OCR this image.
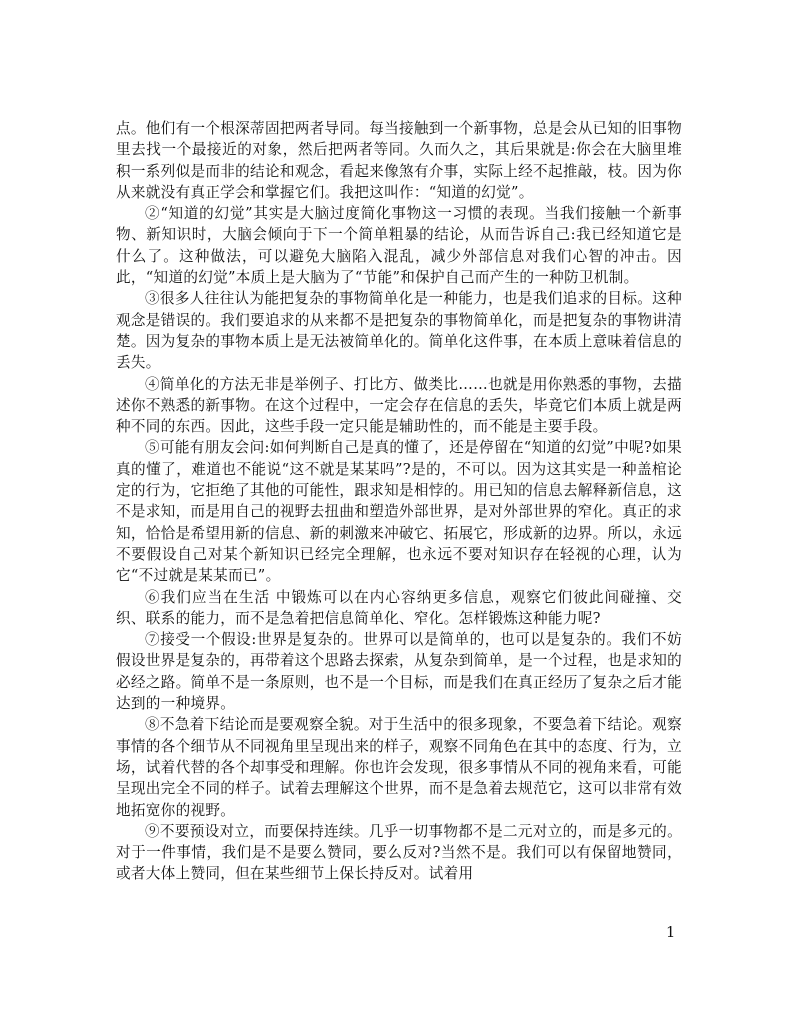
点。他们有一个根深蒂固把两者导同。每当接触到一个新事物，总是会从已知的旧事物里去找一个最接近的对象，然后把两者等同。久而久之，其后果就是:你会在大脑里堆积一系列似是而非的结论和观念，看起来像煞有介事，实际上经不起推敲，枝。因为你从来就没有真正学会和掌握它们。我把这叫作：“知道的幻觉”。

②“知道的幻觉”其实是大脑过度简化事物这一习惯的表现。当我们接触一个新事物、新知识时，大脑会倾向于下一个简单粗暴的结论，从而告诉自己:我已经知道它是什么了。这种做法，可以避免大脑陷入混乱，减少外部信息对我们心智的冲击。因此，“知道的幻觉”本质上是大脑为了“节能”和保护自己而产生的一种防卫机制。

③很多人往往认为能把复杂的事物简单化是一种能力，也是我们追求的目标。这种观念是错误的。我们要追求的从来都不是把复杂的事物简单化，而是把复杂的事物讲清楚。因为复杂的事物本质上是无法被简单化的。简单化这件事，在本质上意味着信息的丢失。

④简单化的方法无非是举例子、打比方、做类比……也就是用你熟悉的事物，去描述你不熟悉的新事物。在这个过程中，一定会存在信息的丢失，毕竟它们本质上就是两种不同的东西。因此，这些手段一定只能是辅助性的，而不能是主要手段。

⑤可能有朋友会问:如何判断自己是真的懂了，还是停留在“知道的幻觉”中呢?如果真的懂了，难道也不能说“这不就是某某吗”?是的，不可以。因为这其实是一种盖棺论定的行为，它拒绝了其他的可能性，跟求知是相悖的。用已知的信息去解释新信息，这不是求知，而是用自己的视野去扭曲和塑造外部世界，是对外部世界的窄化。真正的求知，恰恰是希望用新的信息、新的刺激来冲破它、拓展它，形成新的边界。所以，永远不要假设自己对某个新知识已经完全理解，也永远不要对知识存在轻视的心理，认为它“不过就是某某而已”。

⑥我们应当在生活 中锻炼可以在内心容纳更多信息，观察它们彼此间碰撞、交织、联系的能力，而不是急着把信息简单化、窄化。怎样锻炼这种能力呢?

⑦接受一个假设:世界是复杂的。世界可以是简单的，也可以是复杂的。我们不妨假设世界是复杂的，再带着这个思路去探索，从复杂到简单，是一个过程，也是求知的必经之路。简单不是一条原则，也不是一个目标，而是我们在真正经历了复杂之后才能达到的一种境界。

⑧不急着下结论而是要观察全貌。对于生活中的很多现象，不要急着下结论。观察事情的各个细节从不同视角里呈现出来的样子，观察不同角色在其中的态度、行为，立场，试着代替的各个却事受和理解。你也许会发现，很多事情从不同的视角来看，可能呈现出完全不同的样子。试着去理解这个世界，而不是急着去规范它，这可以非常有效地拓宽你的视野。

⑨不要预设对立，而要保持连续。几乎一切事物都不是二元对立的，而是多元的。对于一件事情，我们是不是要么赞同，要么反对?当然不是。我们可以有保留地赞同，或者大体上赞同，但在某些细节上保长持反对。试着用

1
